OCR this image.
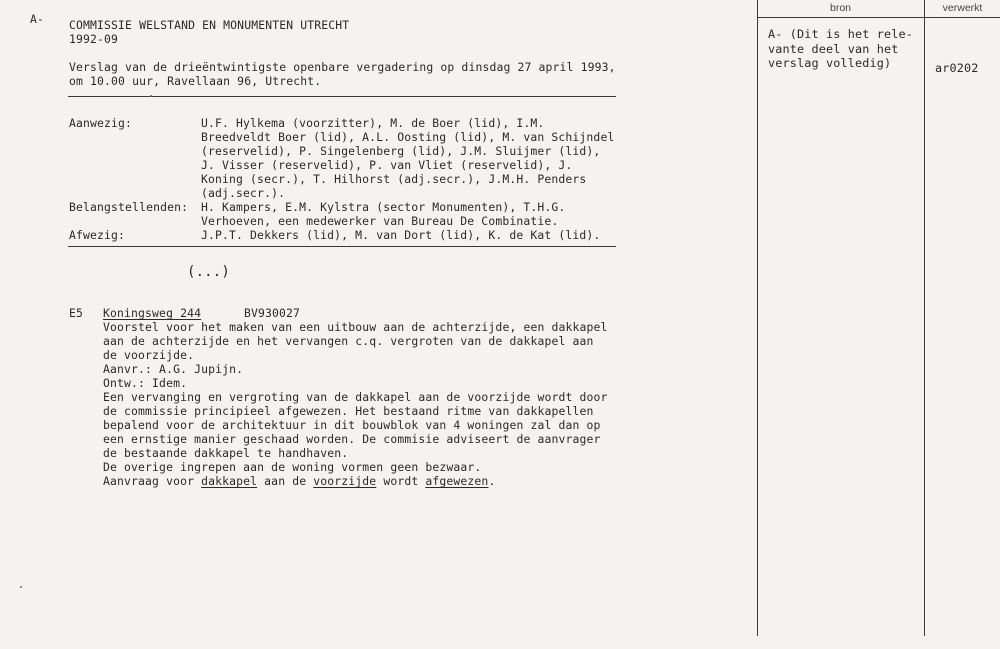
A- COMMISSIE WELSTAND EN MONUMENTEN UTRECHT
1992-09
Verslag van de drieëntwintigste openbare vergadering op dinsdag 27 april 1993,
om 10.00 uur, Ravellaan 96, Utrecht.
Aanwezig:	U.F. Hylkema (voorzitter), M. de Boer (lid), I.M.
Breedveldt Boer (lid), A.L. Oosting (lid), M. van Schijndel
(reservelid), P. Singelenberg (lid), J.M. Sluijmer (lid),
J. Visser (reservelid), P. van Vliet (reservelid), J.
Koning (secr.), T. Hilhorst (adj.secr.), J.M.H. Penders
(adj.secr.).
Belangstellenden:	H. Kampers, E.M. Kylstra (sector Monumenten), T.H.G.
Verhoeven, een medewerker van Bureau De Combinatie.
Afwezig:	J.P.T. Dekkers (lid), M. van Dort (lid), K. de Kat (lid).
(...)
E5	Koningsweg 244	BV930027
Voorstel voor het maken van een uitbouw aan de achterzijde, een dakkapel
aan de achterzijde en het vervangen c.q. vergroten van de dakkapel aan
de voorzijde.
Aanvr.: A.G. Jupijn.
Ontw.: Idem.
Een vervanging en vergroting van de dakkapel aan de voorzijde wordt door
de commissie principieel afgewezen. Het bestaand ritme van dakkapellen
bepalend voor de architektuur in dit bouwblok van 4 woningen zal dan op
een ernstige manier geschaad worden. De commisie adviseert de aanvrager
de bestaande dakkapel te handhaven.
De overige ingrepen aan de woning vormen geen bezwaar.
Aanvraag voor dakkapel aan de voorzijde wordt afgewezen.
bron	verwerkt
A- (Dit is het rele-
vante deel van het
verslag volledig)	ar0202
